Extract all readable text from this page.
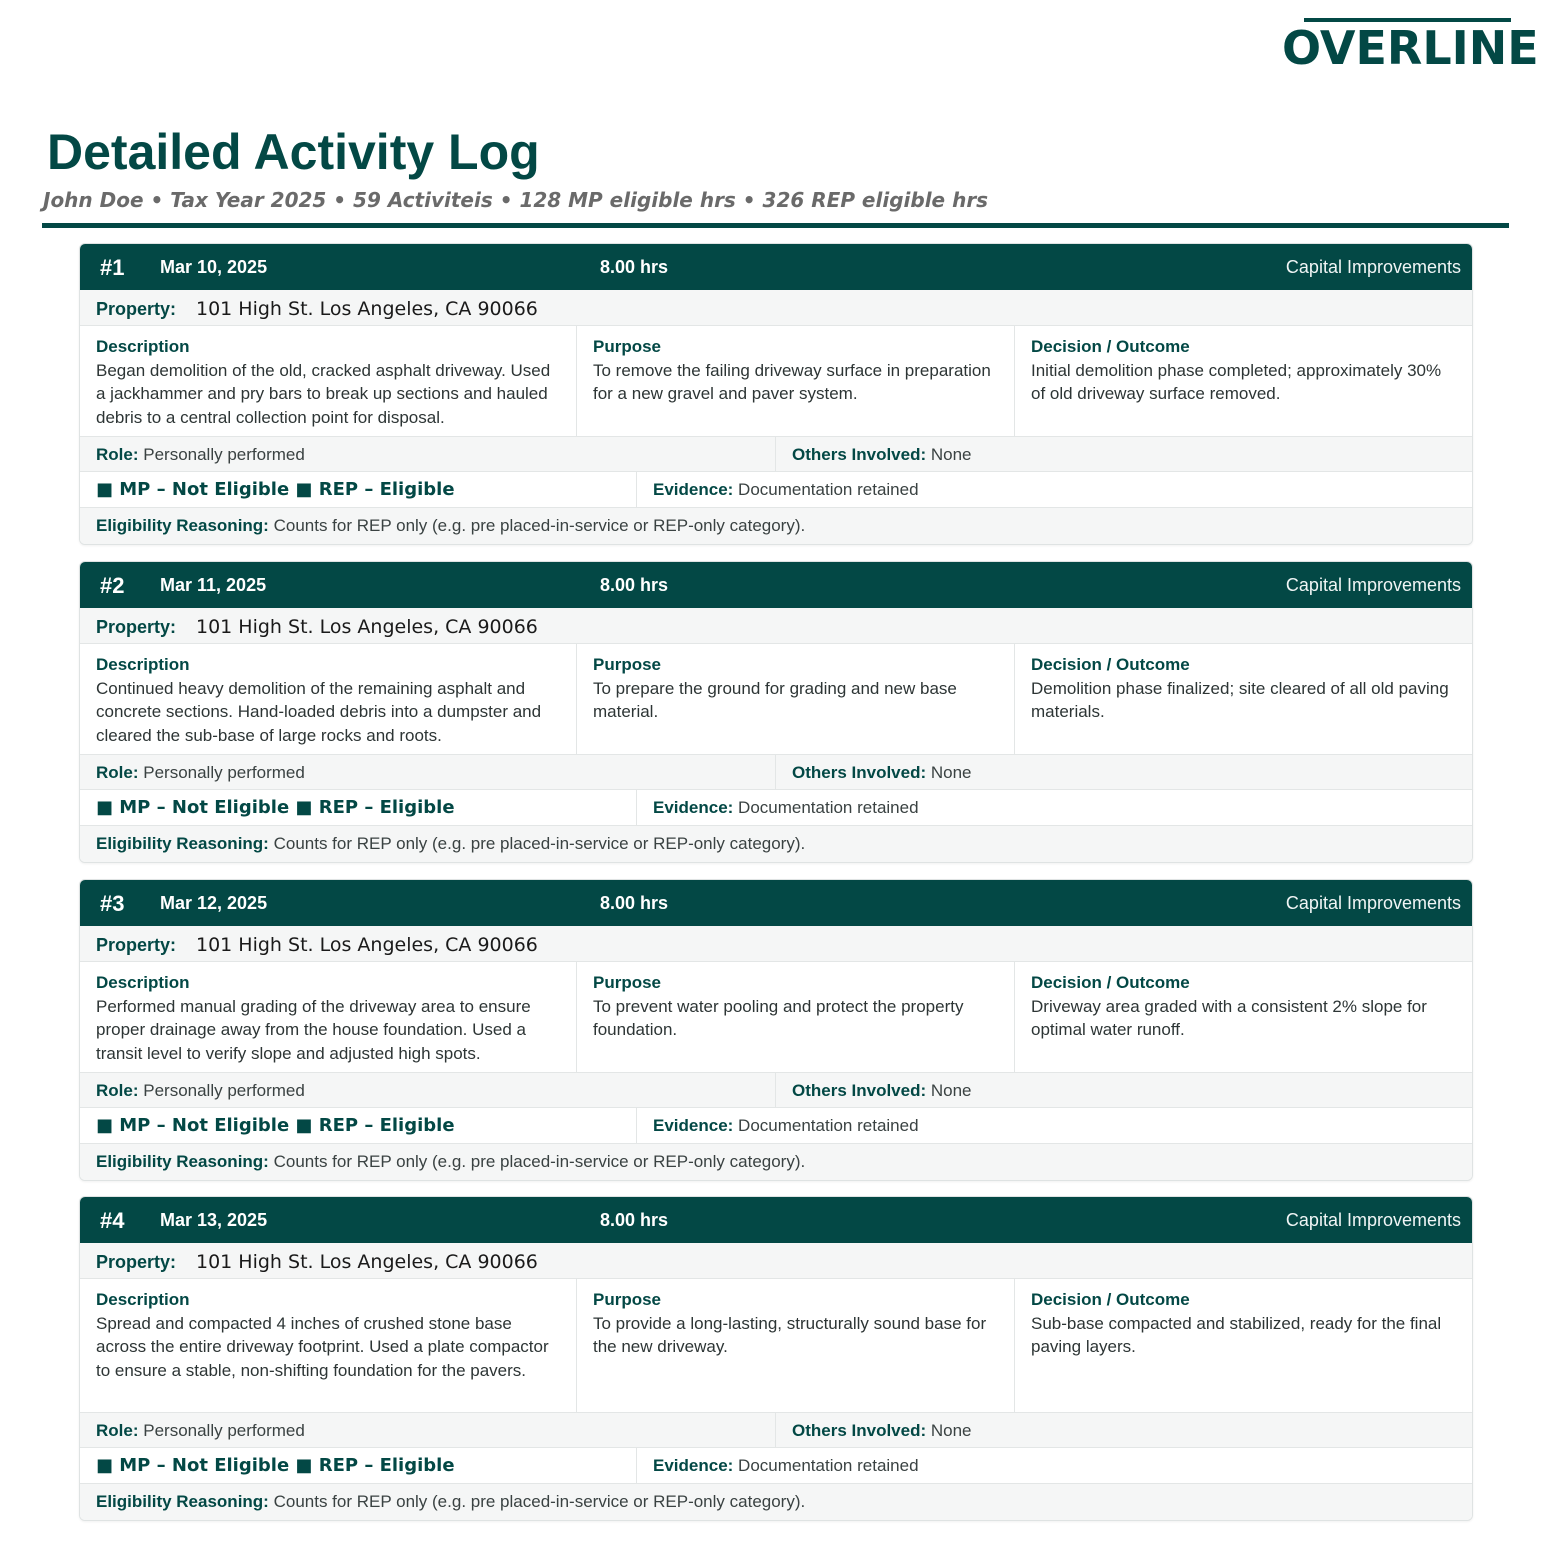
OVERLINE
Detailed Activity Log
John Doe • Tax Year 2025 • 59 Activiteis • 128 MP eligible hrs • 326 REP eligible hrs
#1 Mar 10, 2025	8.00 hrs	Capital Improvements
Property: 101 High St. Los Angeles, CA 90066
Description
Began demolition of the old, cracked asphalt driveway. Used a jackhammer and pry bars to break up sections and hauled debris to a central collection point for disposal.
Purpose
To remove the failing driveway surface in preparation for a new gravel and paver system.
Decision / Outcome
Initial demolition phase completed; approximately 30% of old driveway surface removed.
Role: Personally performed	Others Involved: None
■ MP – Not Eligible ■ REP – Eligible	Evidence: Documentation retained
Eligibility Reasoning: Counts for REP only (e.g. pre placed-in-service or REP-only category).
#2 Mar 11, 2025	8.00 hrs	Capital Improvements
Property: 101 High St. Los Angeles, CA 90066
Description
Continued heavy demolition of the remaining asphalt and concrete sections. Hand-loaded debris into a dumpster and cleared the sub-base of large rocks and roots.
Purpose
To prepare the ground for grading and new base material.
Decision / Outcome
Demolition phase finalized; site cleared of all old paving materials.
Role: Personally performed	Others Involved: None
■ MP – Not Eligible ■ REP – Eligible	Evidence: Documentation retained
Eligibility Reasoning: Counts for REP only (e.g. pre placed-in-service or REP-only category).
#3 Mar 12, 2025	8.00 hrs	Capital Improvements
Property: 101 High St. Los Angeles, CA 90066
Description
Performed manual grading of the driveway area to ensure proper drainage away from the house foundation. Used a transit level to verify slope and adjusted high spots.
Purpose
To prevent water pooling and protect the property foundation.
Decision / Outcome
Driveway area graded with a consistent 2% slope for optimal water runoff.
Role: Personally performed	Others Involved: None
■ MP – Not Eligible ■ REP – Eligible	Evidence: Documentation retained
Eligibility Reasoning: Counts for REP only (e.g. pre placed-in-service or REP-only category).
#4 Mar 13, 2025	8.00 hrs	Capital Improvements
Property: 101 High St. Los Angeles, CA 90066
Description
Spread and compacted 4 inches of crushed stone base across the entire driveway footprint. Used a plate compactor to ensure a stable, non-shifting foundation for the pavers.
Purpose
To provide a long-lasting, structurally sound base for the new driveway.
Decision / Outcome
Sub-base compacted and stabilized, ready for the final paving layers.
Role: Personally performed	Others Involved: None
■ MP – Not Eligible ■ REP – Eligible	Evidence: Documentation retained
Eligibility Reasoning: Counts for REP only (e.g. pre placed-in-service or REP-only category).
